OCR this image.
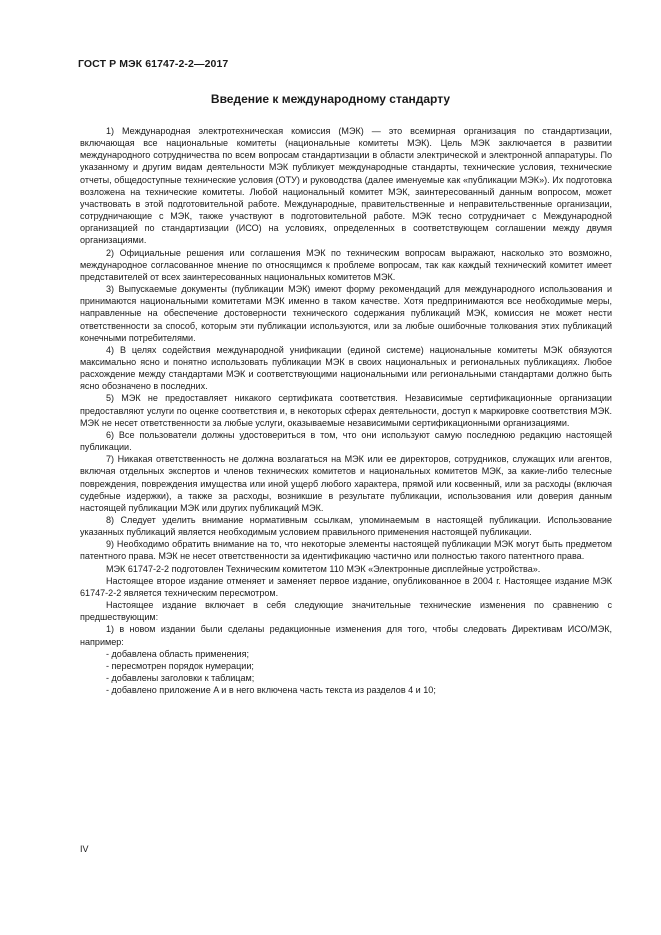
ГОСТ Р МЭК 61747-2-2—2017
Введение к международному стандарту

1) Международная электротехническая комиссия (МЭК) — это всемирная организация по стандартизации, включающая все национальные комитеты (национальные комитеты МЭК). Цель МЭК заключается в развитии международного сотрудничества по всем вопросам стандартизации в области электрической и электронной аппаратуры. По указанному и другим видам деятельности МЭК публикует международные стандарты, технические условия, технические отчеты, общедоступные технические условия (ОТУ) и руководства (далее именуемые как «публикации МЭК»). Их подготовка возложена на технические комитеты. Любой национальный комитет МЭК, заинтересованный данным вопросом, может участвовать в этой подготовительной работе. Международные, правительственные и неправительственные организации, сотрудничающие с МЭК, также участвуют в подготовительной работе. МЭК тесно сотрудничает с Международной организацией по стандартизации (ИСО) на условиях, определенных в соответствующем соглашении между двумя организациями.

2) Официальные решения или соглашения МЭК по техническим вопросам выражают, насколько это возможно, международное согласованное мнение по относящимся к проблеме вопросам, так как каждый технический комитет имеет представителей от всех заинтересованных национальных комитетов МЭК.

3) Выпускаемые документы (публикации МЭК) имеют форму рекомендаций для международного использования и принимаются национальными комитетами МЭК именно в таком качестве. Хотя предпринимаются все необходимые меры, направленные на обеспечение достоверности технического содержания публикаций МЭК, комиссия не может нести ответственности за способ, которым эти публикации используются, или за любые ошибочные толкования этих публикаций конечными потребителями.

4) В целях содействия международной унификации (единой системе) национальные комитеты МЭК обязуются максимально ясно и понятно использовать публикации МЭК в своих национальных и региональных публикациях. Любое расхождение между стандартами МЭК и соответствующими национальными или региональными стандартами должно быть ясно обозначено в последних.

5) МЭК не предоставляет никакого сертификата соответствия. Независимые сертификационные организации предоставляют услуги по оценке соответствия и, в некоторых сферах деятельности, доступ к маркировке соответствия МЭК. МЭК не несет ответственности за любые услуги, оказываемые независимыми сертификационными организациями.

6) Все пользователи должны удостовериться в том, что они используют самую последнюю редакцию настоящей публикации.

7) Никакая ответственность не должна возлагаться на МЭК или ее директоров, сотрудников, служащих или агентов, включая отдельных экспертов и членов технических комитетов и национальных комитетов МЭК, за какие-либо телесные повреждения, повреждения имущества или иной ущерб любого характера, прямой или косвенный, или за расходы (включая судебные издержки), а также за расходы, возникшие в результате публикации, использования или доверия данным настоящей публикации МЭК или других публикаций МЭК.

8) Следует уделить внимание нормативным ссылкам, упоминаемым в настоящей публикации. Использование указанных публикаций является необходимым условием правильного применения настоящей публикации.

9) Необходимо обратить внимание на то, что некоторые элементы настоящей публикации МЭК могут быть предметом патентного права. МЭК не несет ответственности за идентификацию частично или полностью такого патентного права.

МЭК 61747-2-2 подготовлен Техническим комитетом 110 МЭК «Электронные дисплейные устройства».

Настоящее второе издание отменяет и заменяет первое издание, опубликованное в 2004 г. Настоящее издание МЭК 61747-2-2 является техническим пересмотром.

Настоящее издание включает в себя следующие значительные технические изменения по сравнению с предшествующим:

1) в новом издании были сделаны редакционные изменения для того, чтобы следовать Директивам ИСО/МЭК, например:

- добавлена область применения;

- пересмотрен порядок нумерации;

- добавлены заголовки к таблицам;

- добавлено приложение A и в него включена часть текста из разделов 4 и 10;

IV
